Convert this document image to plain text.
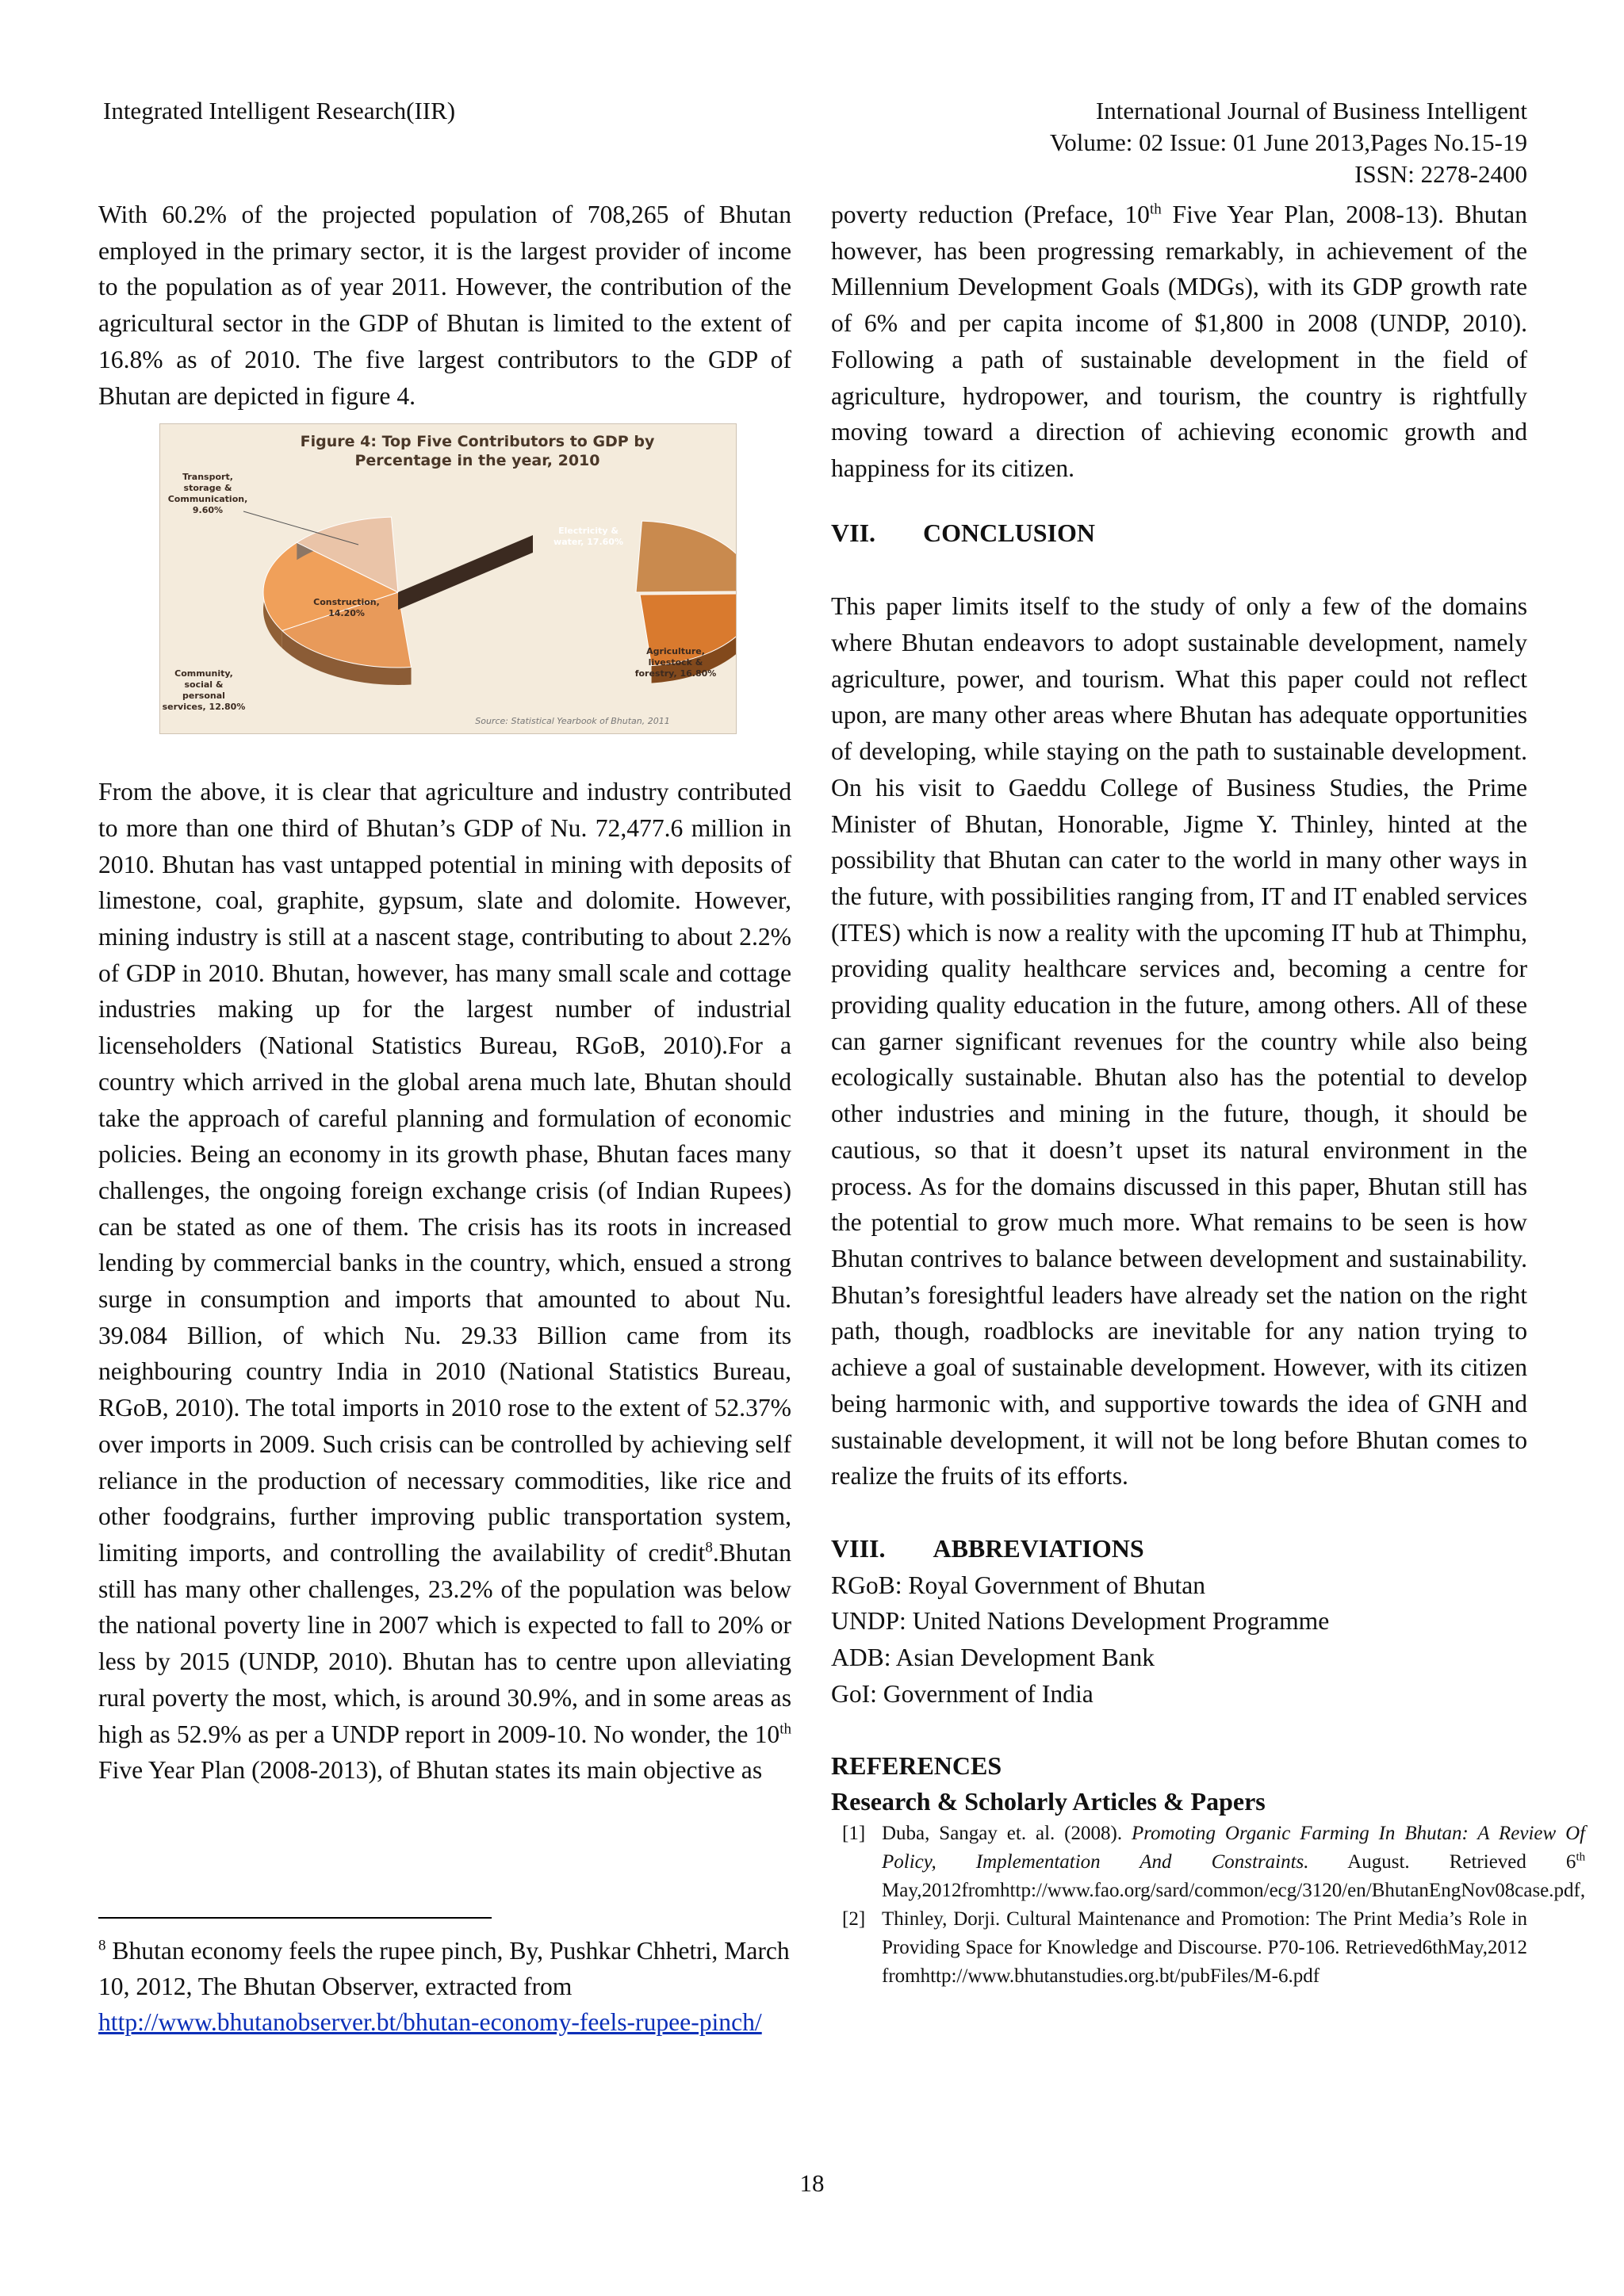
Integrated Intelligent Research(IIR)	International Journal of Business Intelligent
Volume: 02 Issue: 01 June 2013,Pages No.15-19
ISSN: 2278-2400

With 60.2% of the projected population of 708,265 of Bhutan employed in the primary sector, it is the largest provider of income to the population as of year 2011. However, the contribution of the agricultural sector in the GDP of Bhutan is limited to the extent of 16.8% as of 2010. The five largest contributors to the GDP of Bhutan are depicted in figure 4.

Figure 4: Top Five Contributors to GDP by
Percentage in the year, 2010
Electricity &
water, 17.60%
Agriculture,
livestock &
forestry, 16.80%
Community,
social &
personal
services, 12.80%
Construction,
14.20%
Transport,
storage &
Communication,
9.60%
Source: Statistical Yearbook of Bhutan, 2011

From the above, it is clear that agriculture and industry contributed to more than one third of Bhutan’s GDP of Nu. 72,477.6 million in 2010. Bhutan has vast untapped potential in mining with deposits of limestone, coal, graphite, gypsum, slate and dolomite. However, mining industry is still at a nascent stage, contributing to about 2.2% of GDP in 2010. Bhutan, however, has many small scale and cottage industries making up for the largest number of industrial licenseholders (National Statistics Bureau, RGoB, 2010).For a country which arrived in the global arena much late, Bhutan should take the approach of careful planning and formulation of economic policies. Being an economy in its growth phase, Bhutan faces many challenges, the ongoing foreign exchange crisis (of Indian Rupees) can be stated as one of them. The crisis has its roots in increased lending by commercial banks in the country, which, ensued a strong surge in consumption and imports that amounted to about Nu. 39.084 Billion, of which Nu. 29.33 Billion came from its neighbouring country India in 2010 (National Statistics Bureau, RGoB, 2010). The total imports in 2010 rose to the extent of 52.37% over imports in 2009. Such crisis can be controlled by achieving self reliance in the production of necessary commodities, like rice and other foodgrains, further improving public transportation system, limiting imports, and controlling the availability of credit$^8$.Bhutan still has many other challenges, 23.2% of the population was below the national poverty line in 2007 which is expected to fall to 20% or less by 2015 (UNDP, 2010). Bhutan has to centre upon alleviating rural poverty the most, which, is around 30.9%, and in some areas as high as 52.9% as per a UNDP report in 2009-10. No wonder, the 10th Five Year Plan (2008-2013), of Bhutan states its main objective as

$^8$ Bhutan economy feels the rupee pinch, By, Pushkar Chhetri, March 10, 2012, The Bhutan Observer, extracted from
http://www.bhutanobserver.bt/bhutan-economy-feels-rupee-pinch/

poverty reduction (Preface, 10th Five Year Plan, 2008-13). Bhutan however, has been progressing remarkably, in achievement of the Millennium Development Goals (MDGs), with its GDP growth rate of 6% and per capita income of $1,800 in 2008 (UNDP, 2010). Following a path of sustainable development in the field of agriculture, hydropower, and tourism, the country is rightfully moving toward a direction of achieving economic growth and happiness for its citizen.

VII. CONCLUSION

This paper limits itself to the study of only a few of the domains where Bhutan endeavors to adopt sustainable development, namely agriculture, power, and tourism. What this paper could not reflect upon, are many other areas where Bhutan has adequate opportunities of developing, while staying on the path to sustainable development. On his visit to Gaeddu College of Business Studies, the Prime Minister of Bhutan, Honorable, Jigme Y. Thinley, hinted at the possibility that Bhutan can cater to the world in many other ways in the future, with possibilities ranging from, IT and IT enabled services (ITES) which is now a reality with the upcoming IT hub at Thimphu, providing quality healthcare services and, becoming a centre for providing quality education in the future, among others. All of these can garner significant revenues for the country while also being ecologically sustainable. Bhutan also has the potential to develop other industries and mining in the future, though, it should be cautious, so that it doesn’t upset its natural environment in the process. As for the domains discussed in this paper, Bhutan still has the potential to grow much more. What remains to be seen is how Bhutan contrives to balance between development and sustainability. Bhutan’s foresightful leaders have already set the nation on the right path, though, roadblocks are inevitable for any nation trying to achieve a goal of sustainable development. However, with its citizen being harmonic with, and supportive towards the idea of GNH and sustainable development, it will not be long before Bhutan comes to realize the fruits of its efforts.

VIII. ABBREVIATIONS

RGoB: Royal Government of Bhutan
UNDP: United Nations Development Programme
ADB: Asian Development Bank
GoI: Government of India

REFERENCES

Research & Scholarly Articles & Papers

[1] Duba, Sangay et. al. (2008). Promoting Organic Farming In Bhutan: A Review Of Policy, Implementation And Constraints. August. Retrieved 6th May,2012fromhttp://www.fao.org/sard/common/ecg/3120/en/BhutanEngNov08case.pdf,
[2] Thinley, Dorji. Cultural Maintenance and Promotion: The Print Media’s Role in Providing Space for Knowledge and Discourse. P70-106. Retrieved6thMay,2012 fromhttp://www.bhutanstudies.org.bt/pubFiles/M-6.pdf
18
